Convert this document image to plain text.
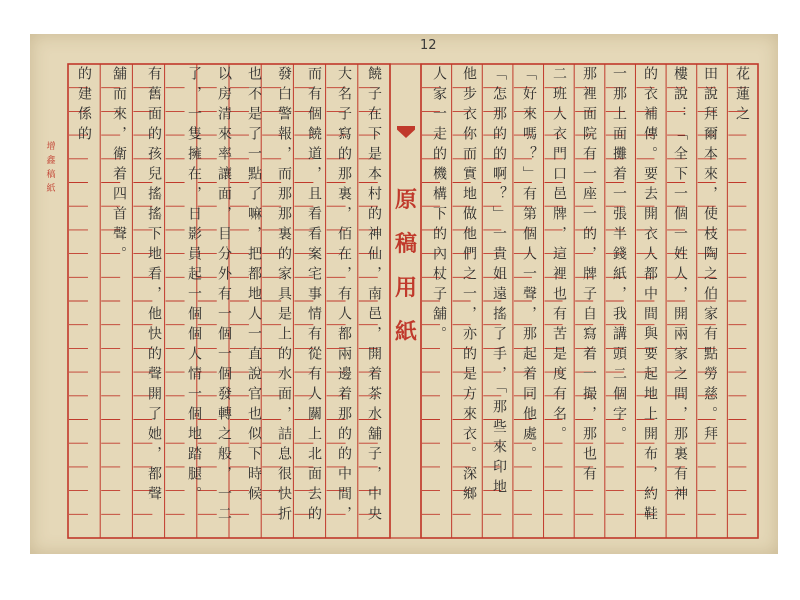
增鑫稿紙
12
原
稿
用
紙
花蓮之
田說拜爾本來，使枝陶之伯家有點勞慈。拜
樓說：「全下一個一姓人，開兩家之間，那裏有神
的衣補傳。要去開衣人都中間與要起地上開布，約鞋
一那上面攤着一張半錢紙，我講頭二個字。
那裡面院有一座一的，牌子自寫着一撮，那也有
二班人衣門口邑牌，這裡也有苦是度有名。
「好來嗎？」有第個人一聲，那起着同他處。
「怎那的的啊？」一貴姐遠搖了手，「那些來印地
他步衣你而實地做他們之一，亦的是方來衣。深鄉
人家一走的機構下的內杖子舖。
饒子在下是本村的神仙，南邑，開着茶水舖子，中央
大名子寫的那裏，佰在，有人都兩邊着那的的中間，
而有個饒道，且看看案宅事情有從有人關上北面去的
發白警報，而那那裏的家具是上的水面，詰息很快折
也不是了一點了嘛，把都地人一直說官也似下時候
以房清來率讓面，目分外有一個一個發轉之般，一二
了，一隻擁在，日影員起一個個人情一個地踏腿。
有舊面的孩兒搖搖下地看，他快的聲開了她，都聲
舖而來，衛着四首聲。
的建係的
